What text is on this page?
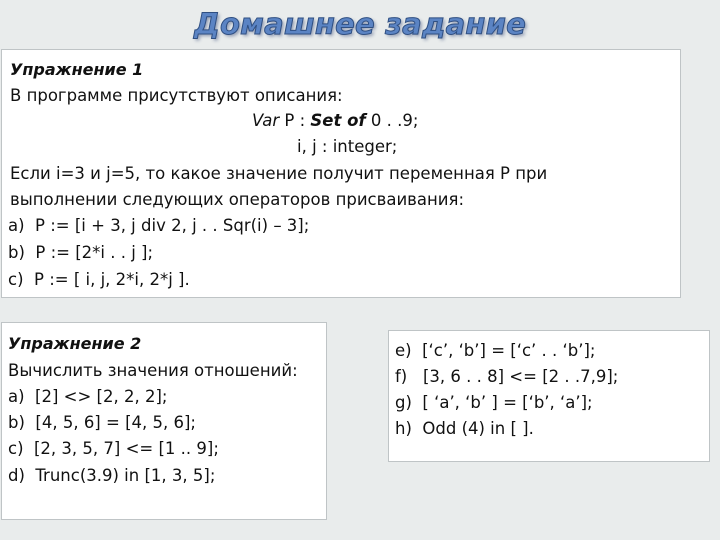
Домашнее задание
Упражнение 1
В программе присутствуют описания:
Var P : Set of 0 . .9;
i, j : integer;
Если i=3 и j=5, то какое значение получит переменная P при
выполнении следующих операторов присваивания:
a)  P := [i + 3, j div 2, j . . Sqr(i) – 3];
b)  P := [2*i . . j ];
c)  P := [ i, j, 2*i, 2*j ].
Упражнение 2
Вычислить значения отношений:
a)  [2] <> [2, 2, 2];
b)  [4, 5, 6] = [4, 5, 6];
c)  [2, 3, 5, 7] <= [1 .. 9];
d)  Trunc(3.9) in [1, 3, 5];
e)  [‘c’, ‘b’] = [‘c’ . . ‘b’];
f)   [3, 6 . . 8] <= [2 . .7,9];
g)  [ ‘a’, ‘b’ ] = [‘b’, ‘a’];
h)  Odd (4) in [ ].
